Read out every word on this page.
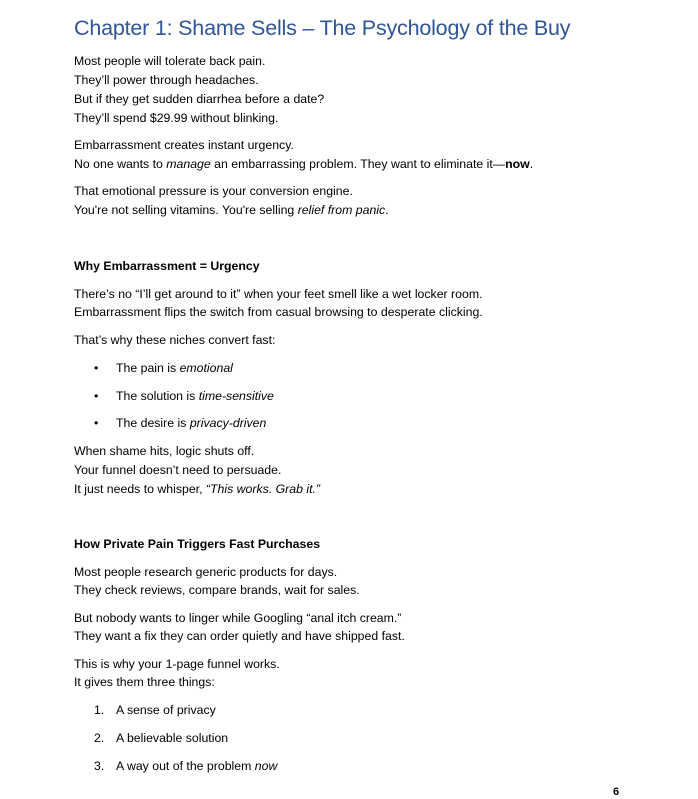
Chapter 1: Shame Sells – The Psychology of the Buy

Most people will tolerate back pain.

They’ll power through headaches.

But if they get sudden diarrhea before a date?

They’ll spend $29.99 without blinking.

Embarrassment creates instant urgency.

No one wants to manage an embarrassing problem. They want to eliminate it—now.

That emotional pressure is your conversion engine.

You're not selling vitamins. You're selling relief from panic.

Why Embarrassment = Urgency

There’s no “I’ll get around to it” when your feet smell like a wet locker room.

Embarrassment flips the switch from casual browsing to desperate clicking.

That’s why these niches convert fast:

• The pain is emotional
• The solution is time-sensitive
• The desire is privacy-driven

When shame hits, logic shuts off.

Your funnel doesn’t need to persuade.

It just needs to whisper, “This works. Grab it.”

How Private Pain Triggers Fast Purchases

Most people research generic products for days.

They check reviews, compare brands, wait for sales.

But nobody wants to linger while Googling “anal itch cream.”

They want a fix they can order quietly and have shipped fast.

This is why your 1-page funnel works.

It gives them three things:

1. A sense of privacy
2. A believable solution
3. A way out of the problem now
6
